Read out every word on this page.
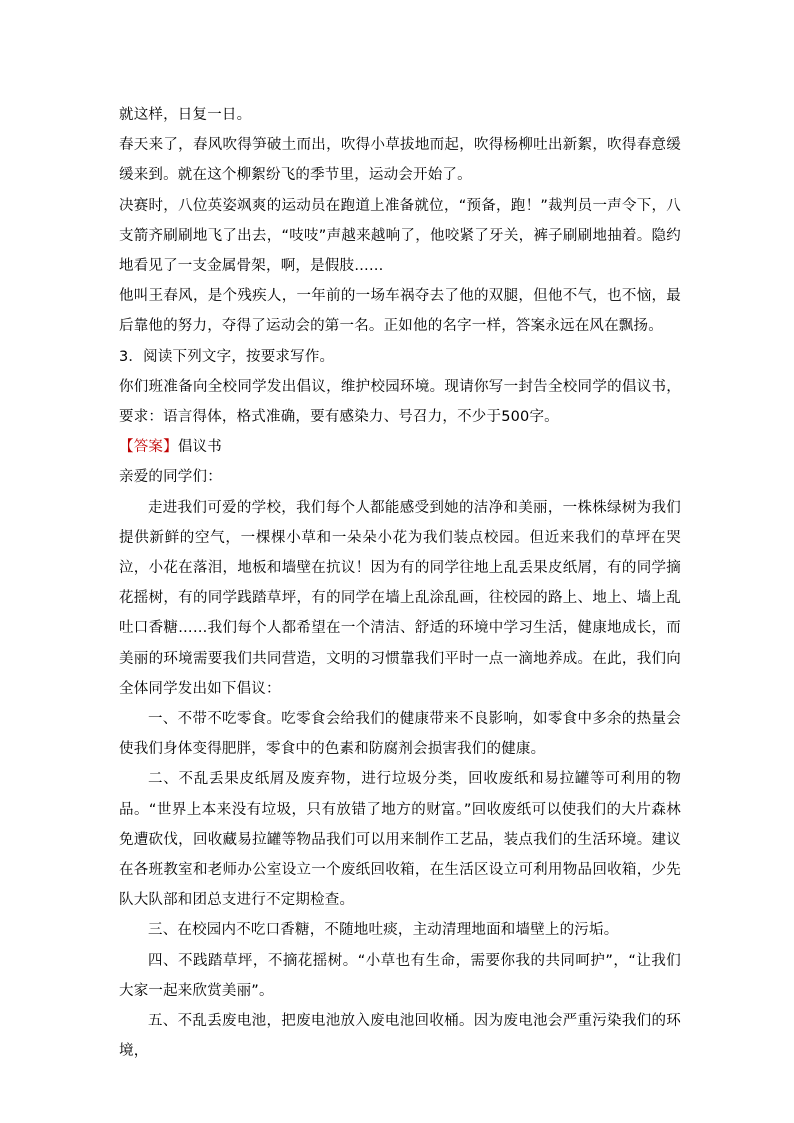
就这样，日复一日。

春天来了，春风吹得笋破土而出，吹得小草拔地而起，吹得杨柳吐出新絮，吹得春意缓缓来到。就在这个柳絮纷飞的季节里，运动会开始了。

决赛时，八位英姿飒爽的运动员在跑道上准备就位，“预备，跑！”裁判员一声令下，八支箭齐刷刷地飞了出去，“吱吱”声越来越响了，他咬紧了牙关，裤子刷刷地抽着。隐约地看见了一支金属骨架，啊，是假肢……

他叫王春风，是个残疾人，一年前的一场车祸夺去了他的双腿，但他不气，也不恼，最后靠他的努力，夺得了运动会的第一名。正如他的名字一样，答案永远在风在飘扬。

3．阅读下列文字，按要求写作。

你们班准备向全校同学发出倡议，维护校园环境。现请你写一封告全校同学的倡议书，要求：语言得体，格式准确，要有感染力、号召力，不少于500字。

【答案】倡议书

亲爱的同学们：

走进我们可爱的学校，我们每个人都能感受到她的洁净和美丽，一株株绿树为我们提供新鲜的空气，一棵棵小草和一朵朵小花为我们装点校园。但近来我们的草坪在哭泣，小花在落泪，地板和墙壁在抗议！因为有的同学往地上乱丢果皮纸屑，有的同学摘花摇树，有的同学践踏草坪，有的同学在墙上乱涂乱画，往校园的路上、地上、墙上乱吐口香糖……我们每个人都希望在一个清洁、舒适的环境中学习生活，健康地成长，而美丽的环境需要我们共同营造，文明的习惯靠我们平时一点一滴地养成。在此，我们向全体同学发出如下倡议：

一、不带不吃零食。吃零食会给我们的健康带来不良影响，如零食中多余的热量会使我们身体变得肥胖，零食中的色素和防腐剂会损害我们的健康。

二、不乱丢果皮纸屑及废弃物，进行垃圾分类，回收废纸和易拉罐等可利用的物品。“世界上本来没有垃圾，只有放错了地方的财富。”回收废纸可以使我们的大片森林免遭砍伐，回收藏易拉罐等物品我们可以用来制作工艺品，装点我们的生活环境。建议在各班教室和老师办公室设立一个废纸回收箱，在生活区设立可利用物品回收箱，少先队大队部和团总支进行不定期检查。

三、在校园内不吃口香糖，不随地吐痰，主动清理地面和墙壁上的污垢。

四、不践踏草坪，不摘花摇树。“小草也有生命，需要你我的共同呵护”，“让我们大家一起来欣赏美丽”。

五、不乱丢废电池，把废电池放入废电池回收桶。因为废电池会严重污染我们的环境，
